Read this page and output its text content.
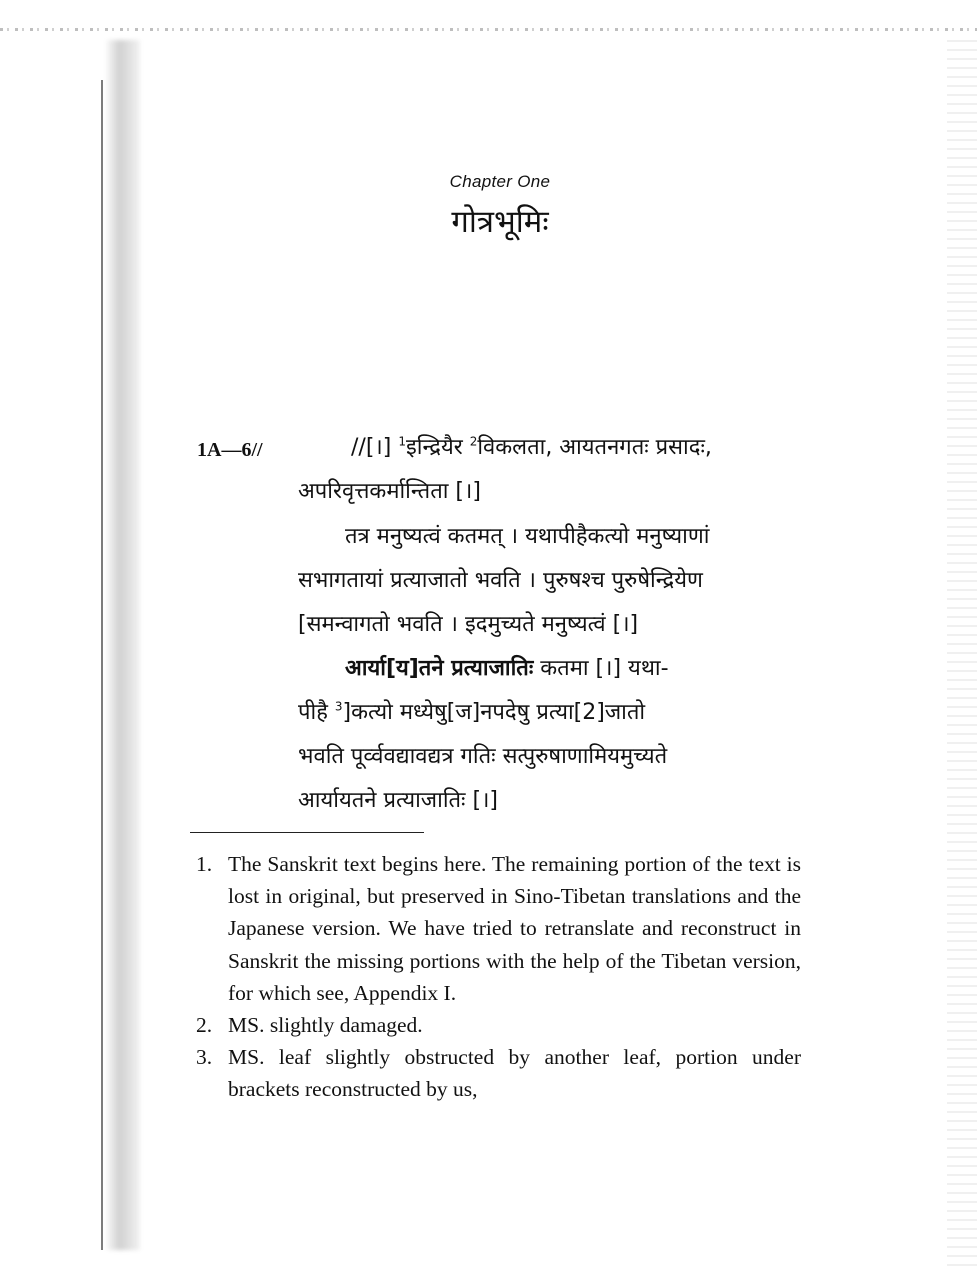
Chapter One
गोत्रभूमिः
1A—6//	//[।] $^1$इन्द्रियैर $^2$विकलता, आयतनगतः प्रसादः,
अपरिवृत्तकर्मान्तिता [।]
तत्र मनुष्यत्वं कतमत् । यथापीहैकत्यो मनुष्याणां
सभागतायां प्रत्याजातो भवति । पुरुषश्च पुरुषेन्द्रियेण
[समन्वागतो भवति । इदमुच्यते मनुष्यत्वं [।]
आर्या[य]तने प्रत्याजातिः कतमा [।] यथा-
पीहै $^3$]कत्यो मध्येषु[ज]नपदेषु प्रत्या[2]जातो
भवति पूर्व्ववद्यावद्यत्र गतिः सत्पुरुषाणामियमुच्यते
आर्यायतने प्रत्याजातिः [।]
1. The Sanskrit text begins here. The remaining portion of the text is lost in original, but preserved in Sino-Tibetan translations and the Japanese version. We have tried to retranslate and reconstruct in Sanskrit the missing portions with the help of the Tibetan version, for which see, Appendix I.
2. MS. slightly damaged.
3. MS. leaf slightly obstructed by another leaf, portion under brackets reconstructed by us,
